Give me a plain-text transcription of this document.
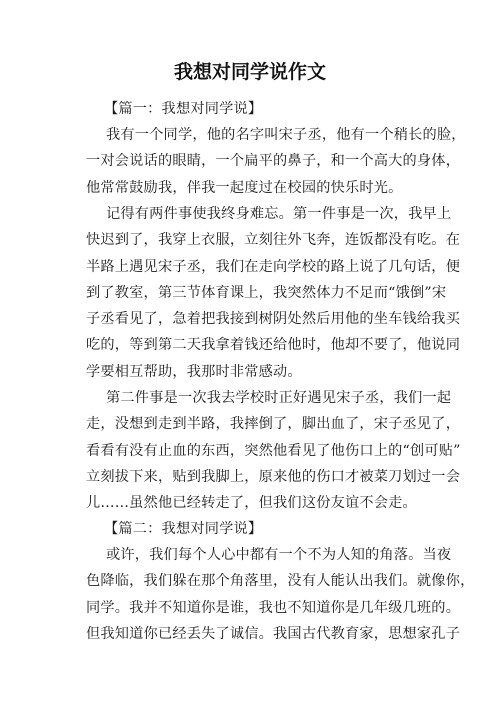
我想对同学说作文
【篇一：我想对同学说】
我有一个同学，他的名字叫宋子丞，他有一个稍长的脸，
一对会说话的眼睛，一个扁平的鼻子，和一个高大的身体，
他常常鼓励我，伴我一起度过在校园的快乐时光。
记得有两件事使我终身难忘。第一件事是一次，我早上
快迟到了，我穿上衣服，立刻往外飞奔，连饭都没有吃。在
半路上遇见宋子丞，我们在走向学校的路上说了几句话，便
到了教室，第三节体育课上，我突然体力不足而“饿倒”宋
子丞看见了，急着把我接到树阴处然后用他的坐车钱给我买
吃的，等到第二天我拿着钱还给他时，他却不要了，他说同
学要相互帮助，我那时非常感动。
第二件事是一次我去学校时正好遇见宋子丞，我们一起
走，没想到走到半路，我摔倒了，脚出血了，宋子丞见了，
看看有没有止血的东西，突然他看见了他伤口上的“创可贴”
立刻拔下来，贴到我脚上，原来他的伤口才被菜刀划过一会
儿……虽然他已经转走了，但我们这份友谊不会走。
【篇二：我想对同学说】
或许，我们每个人心中都有一个不为人知的角落。当夜
色降临，我们躲在那个角落里，没有人能认出我们。就像你，
同学。我并不知道你是谁，我也不知道你是几年级几班的。
但我知道你已经丢失了诚信。我国古代教育家，思想家孔子
